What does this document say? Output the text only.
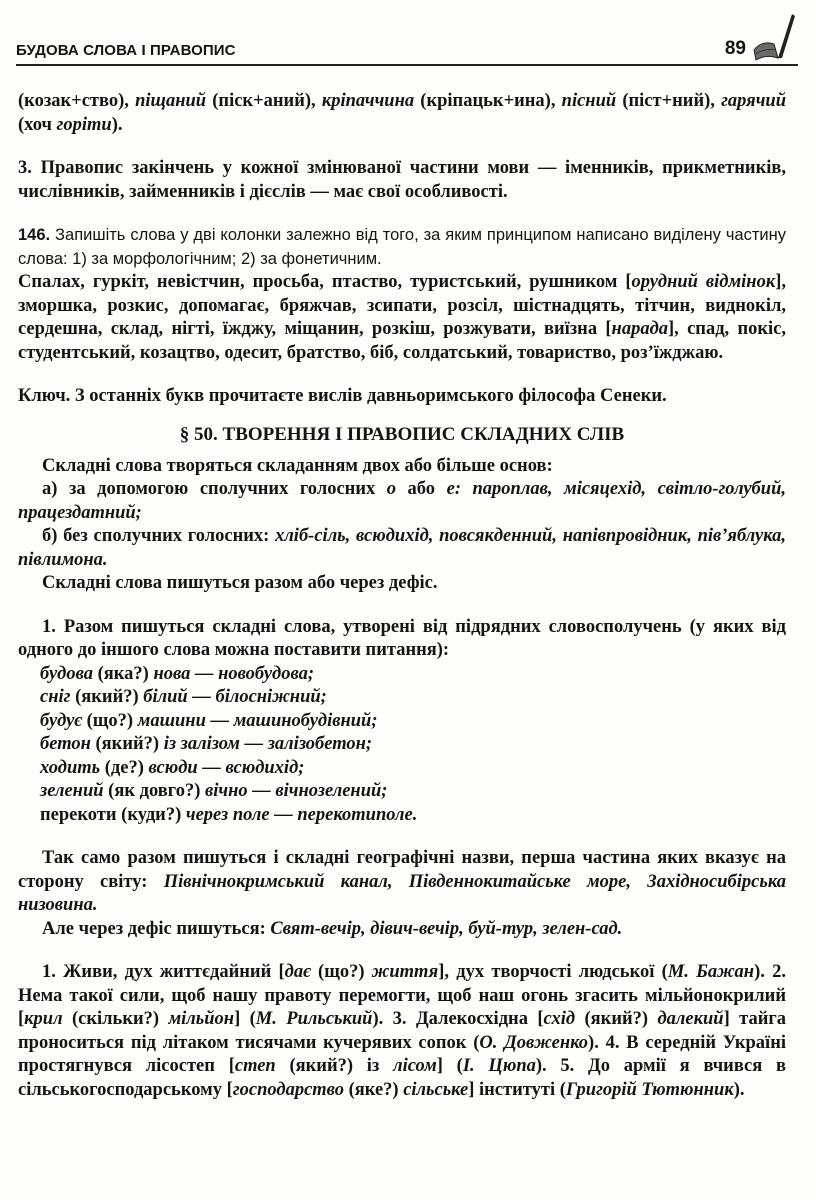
БУДОВА СЛОВА І ПРАВОПИС	89

(козак+ство), піщаний (піск+аний), кріпаччина (кріпацьк+ина), пісний (піст+ний), гарячий (хоч горіти).

3. Правопис закінчень у кожної змінюваної частини мови — іменників, прикметників, числівників, займенників і дієслів — має свої особливості.

146. Запишіть слова у дві колонки залежно від того, за яким принципом написано виділену частину слова: 1) за морфологічним; 2) за фонетичним.

Спалах, гуркіт, невістчин, просьба, птаство, туристський, рушником [орудний відмінок], зморшка, розкис, допомагає, бряжчав, зсипати, розсіл, шістнадцять, тітчин, виднокіл, сердешна, склад, нігті, їжджу, міщанин, розкіш, розжувати, виїзна [нарада], спад, покіс, студентський, козацтво, одесит, братство, біб, солдатський, товариство, роз’їжджаю.

Ключ. З останніх букв прочитаєте вислів давньоримського філософа Сенеки.

§ 50. ТВОРЕННЯ І ПРАВОПИС СКЛАДНИХ СЛІВ

Складні слова творяться складанням двох або більше основ:

а) за допомогою сполучних голосних о або е: пароплав, місяцехід, світло-голубий, працездатний;

б) без сполучних голосних: хліб-сіль, всюдихід, повсякденний, напівпровідник, пів’яблука, півлимона.

Складні слова пишуться разом або через дефіс.

1. Разом пишуться складні слова, утворені від підрядних словосполучень (у яких від одного до іншого слова можна поставити питання):

будова (яка?) нова — новобудова;

сніг (який?) білий — білосніжний;

будує (що?) машини — машинобудівний;

бетон (який?) із залізом — залізобетон;

ходить (де?) всюди — всюдихід;

зелений (як довго?) вічно — вічнозелений;

перекоти (куди?) через поле — перекотиполе.

Так само разом пишуться і складні географічні назви, перша частина яких вказує на сторону світу: Північнокримський канал, Південнокитайське море, Західносибірська низовина.

Але через дефіс пишуться: Свят-вечір, дівич-вечір, буй-тур, зелен-сад.

1. Живи, дух життєдайний [дає (що?) життя], дух творчості людської (М. Бажан). 2. Нема такої сили, щоб нашу правоту перемогти, щоб наш огонь згасить мільйонокрилий [крил (скільки?) мільйон] (М. Рильський). 3. Далекосхідна [схід (який?) далекий] тайга проноситься під літаком тисячами кучерявих сопок (О. Довженко). 4. В середній Україні простягнувся лісостеп [степ (який?) із лісом] (І. Цюпа). 5. До армії я вчився в сільськогосподарському [господарство (яке?) сільське] інституті (Григорій Тютюнник).
